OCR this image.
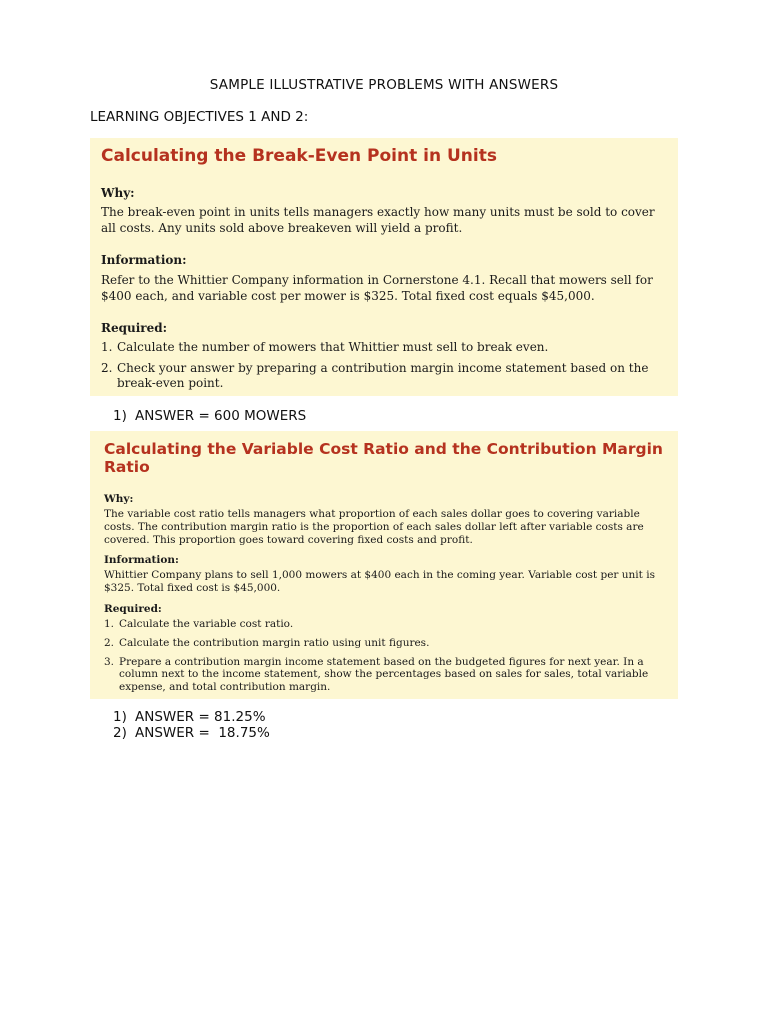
SAMPLE ILLUSTRATIVE PROBLEMS WITH ANSWERS
LEARNING OBJECTIVES 1 AND 2:
Calculating the Break-Even Point in Units

Why:

The break-even point in units tells managers exactly how many units must be sold to cover all costs. Any units sold above breakeven will yield a profit.

Information:

Refer to the Whittier Company information in Cornerstone 4.1. Recall that mowers sell for $400 each, and variable cost per mower is $325. Total fixed cost equals $45,000.

Required:

1. Calculate the number of mowers that Whittier must sell to break even.
2. Check your answer by preparing a contribution margin income statement based on the break-even point.
1) ANSWER = 600 MOWERS
Calculating the Variable Cost Ratio and the Contribution Margin Ratio

Why:

The variable cost ratio tells managers what proportion of each sales dollar goes to covering variable costs. The contribution margin ratio is the proportion of each sales dollar left after variable costs are covered. This proportion goes toward covering fixed costs and profit.

Information:

Whittier Company plans to sell 1,000 mowers at $400 each in the coming year. Variable cost per unit is $325. Total fixed cost is $45,000.

Required:

1. Calculate the variable cost ratio.
2. Calculate the contribution margin ratio using unit figures.
3. Prepare a contribution margin income statement based on the budgeted figures for next year. In a column next to the income statement, show the percentages based on sales for sales, total variable expense, and total contribution margin.
1) ANSWER = 81.25%
2) ANSWER =  18.75%
